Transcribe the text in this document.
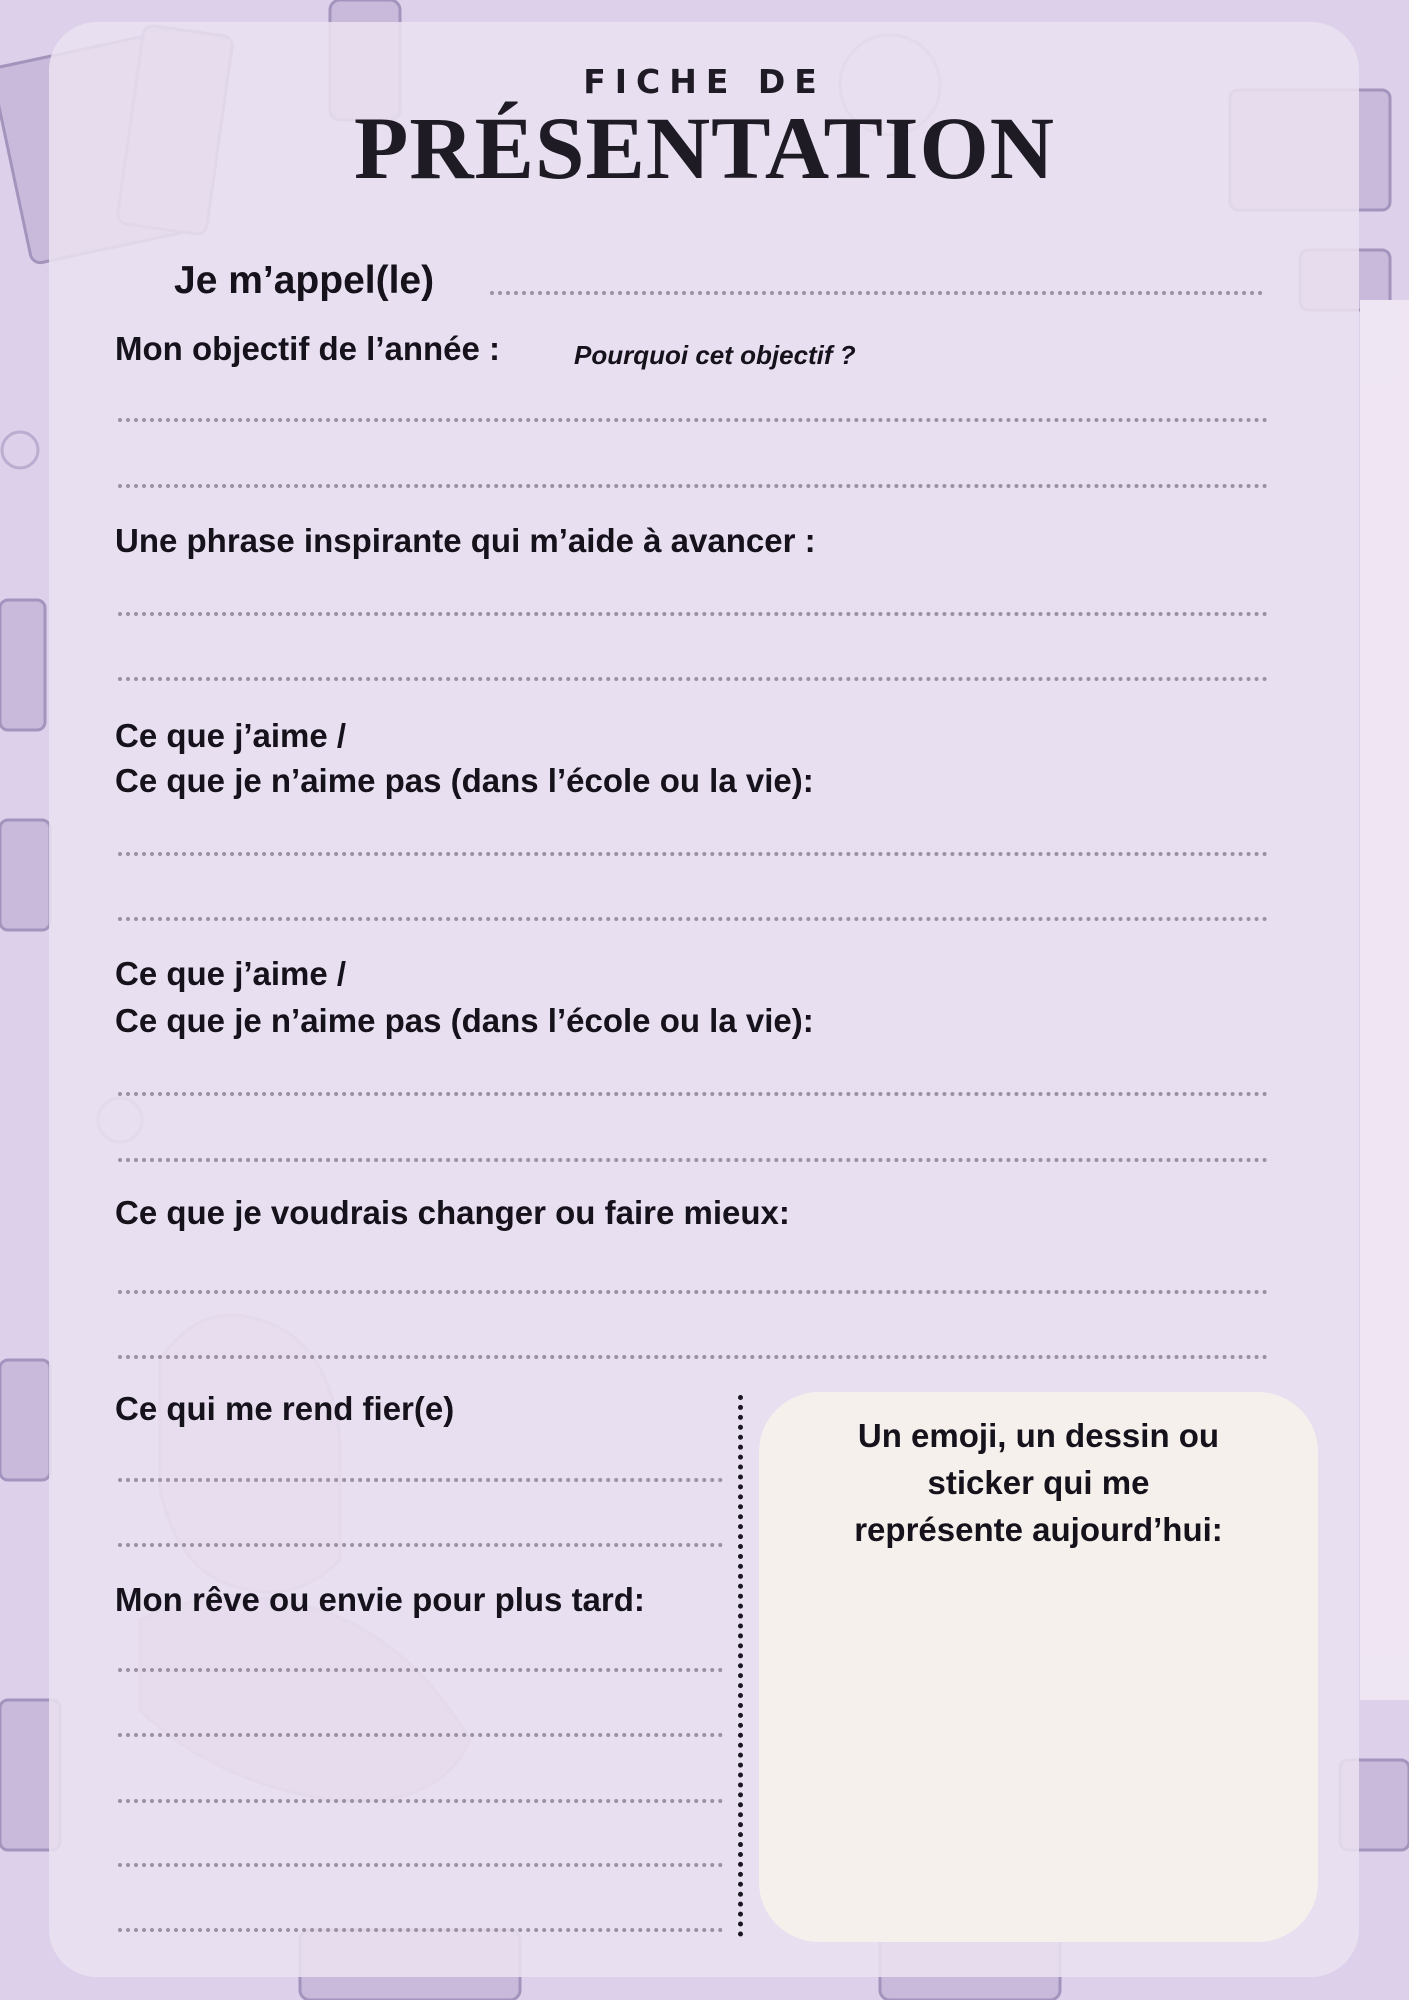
FICHE DE
PRÉSENTATION
Je m’appel(le)
Mon objectif de l’année :	Pourquoi cet objectif ?
Une phrase inspirante qui m’aide à avancer :
Ce que j’aime /
Ce que je n’aime pas (dans l’école ou la vie):
Ce que j’aime /
Ce que je n’aime pas (dans l’école ou la vie):
Ce que je voudrais changer ou faire mieux:
Ce qui me rend fier(e)
Mon rêve ou envie pour plus tard:
Un emoji, un dessin ou
sticker qui me
représente aujourd’hui:
